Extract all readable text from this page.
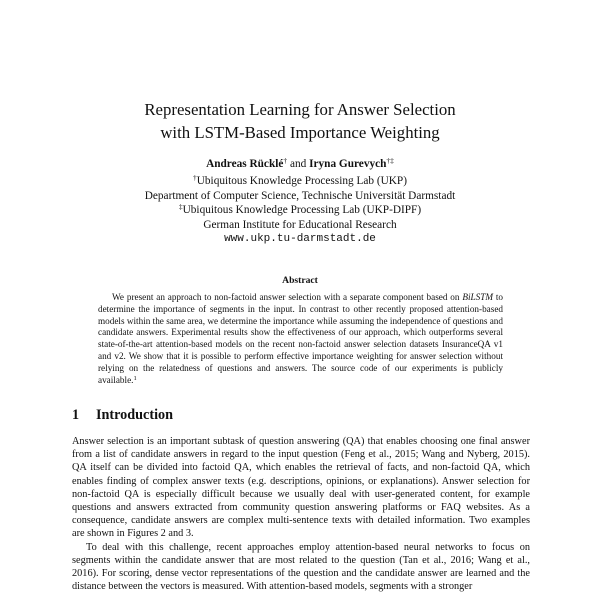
Representation Learning for Answer Selection
with LSTM-Based Importance Weighting
Andreas Rücklé† and Iryna Gurevych†‡
†Ubiquitous Knowledge Processing Lab (UKP)
Department of Computer Science, Technische Universität Darmstadt
‡Ubiquitous Knowledge Processing Lab (UKP-DIPF)
German Institute for Educational Research
www.ukp.tu-darmstadt.de
Abstract
We present an approach to non-factoid answer selection with a separate component based on BiLSTM to determine the importance of segments in the input. In contrast to other recently proposed attention-based models within the same area, we determine the importance while assuming the independence of questions and candidate answers. Experimental results show the effectiveness of our approach, which outperforms several state-of-the-art attention-based models on the recent non-factoid answer selection datasets InsuranceQA v1 and v2. We show that it is possible to perform effective importance weighting for answer selection without relying on the relatedness of questions and answers. The source code of our experiments is publicly available.$^1$
1 Introduction

Answer selection is an important subtask of question answering (QA) that enables choosing one final answer from a list of candidate answers in regard to the input question (Feng et al., 2015; Wang and Nyberg, 2015). QA itself can be divided into factoid QA, which enables the retrieval of facts, and non-factoid QA, which enables finding of complex answer texts (e.g. descriptions, opinions, or explanations). Answer selection for non-factoid QA is especially difficult because we usually deal with user-generated content, for example questions and answers extracted from community question answering platforms or FAQ websites. As a consequence, candidate answers are complex multi-sentence texts with detailed information. Two examples are shown in Figures 2 and 3.

To deal with this challenge, recent approaches employ attention-based neural networks to focus on segments within the candidate answer that are most related to the question (Tan et al., 2016; Wang et al., 2016). For scoring, dense vector representations of the question and the candidate answer are learned and the distance between the vectors is measured. With attention-based models, segments with a stronger
